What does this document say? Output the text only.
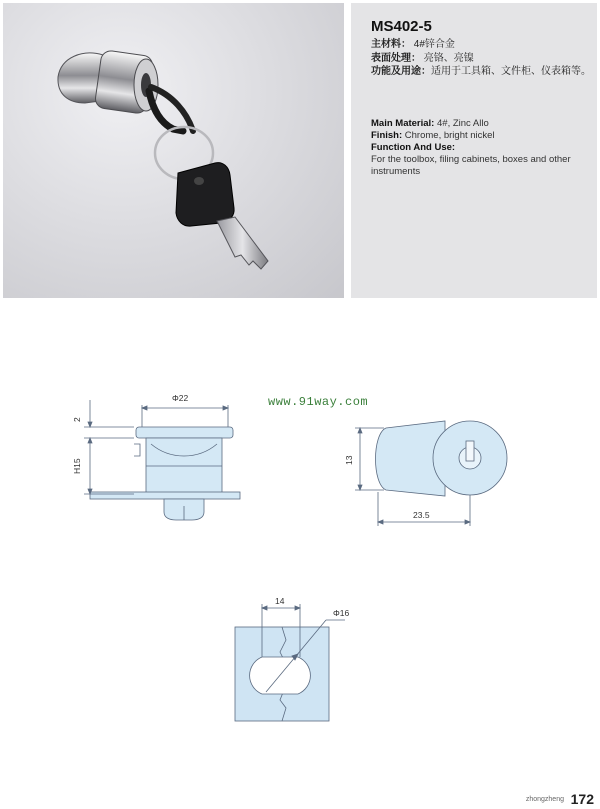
MS402-5
主材料： 4#锌合金
表面处理： 亮铬、亮镍
功能及用途：适用于工具箱、文件柜、仪表箱等。
Main Material: 4#, Zinc Allo
Finish: Chrome, bright nickel
Function And Use:
For the toolbox, filing cabinets, boxes and other instruments
Φ22
2
H15	13
23.5
14
Φ16
www.91way.com
zhongzheng 172
